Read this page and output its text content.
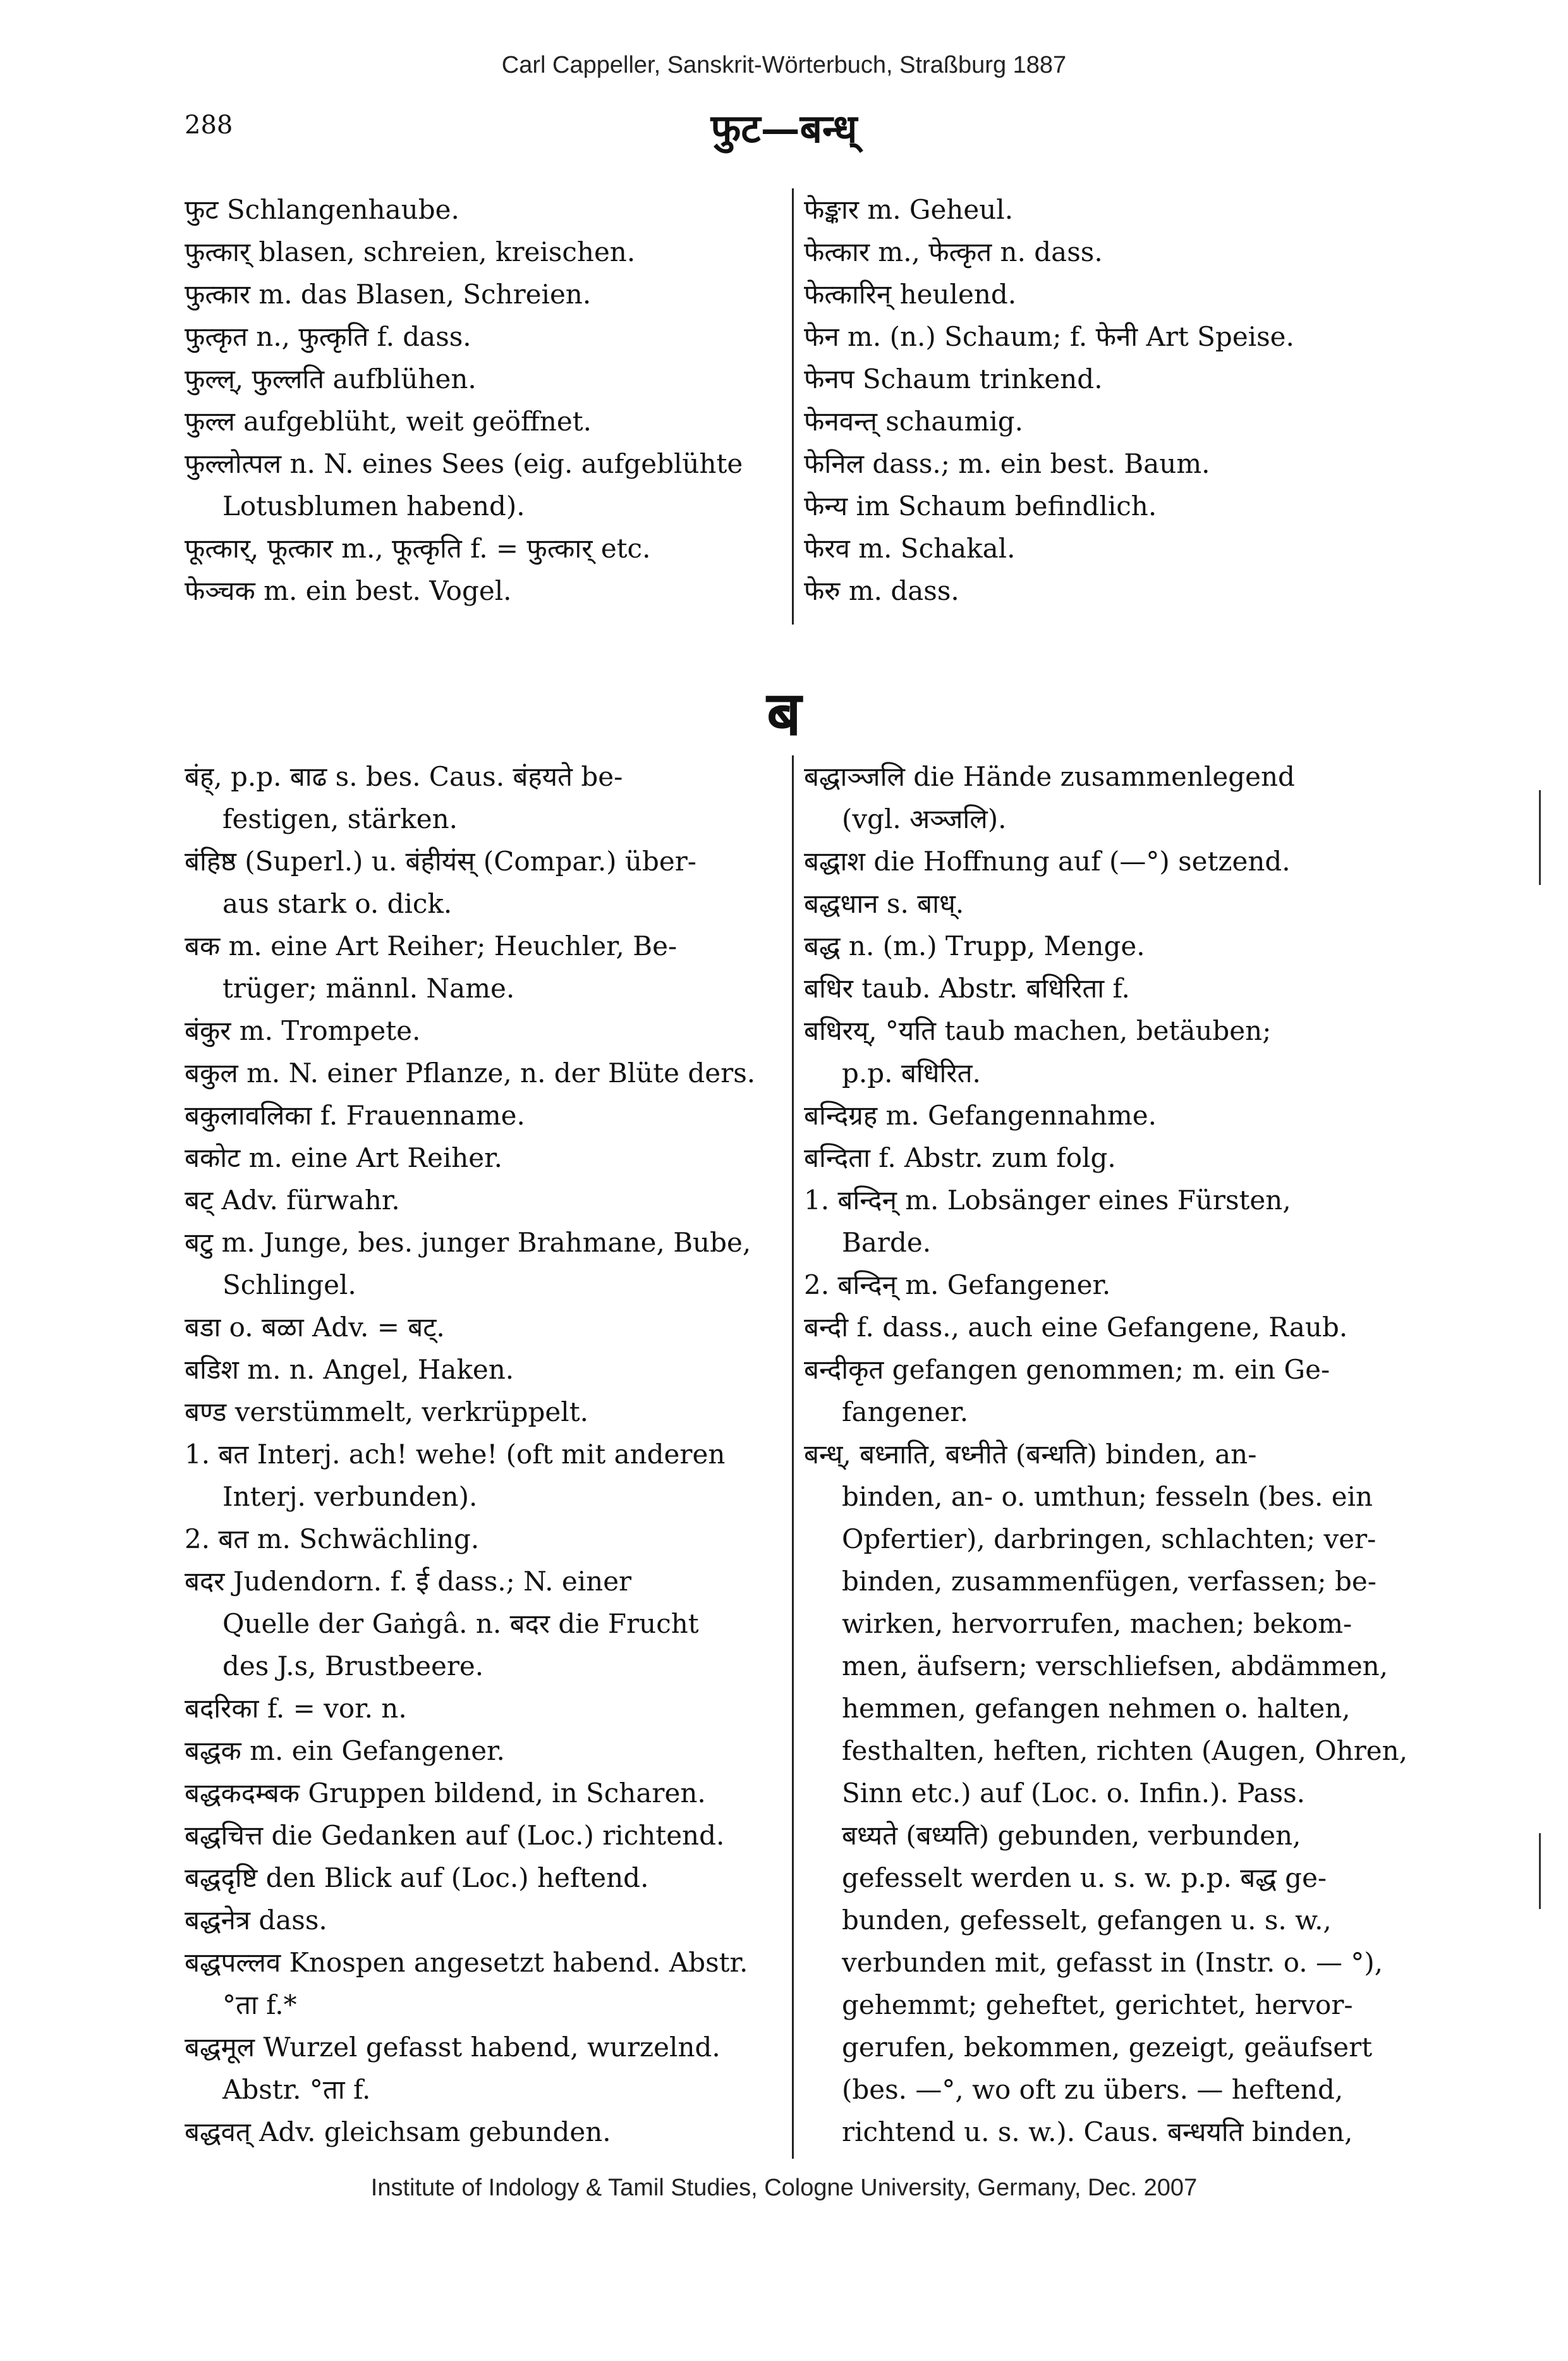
Carl Cappeller, Sanskrit-Wörterbuch, Straßburg 1887
288	फुट—बन्ध्
फुट Schlangenhaube.
फुत्कार् blasen, schreien, kreischen.
फुत्कार m. das Blasen, Schreien.
फुत्कृत n., फुत्कृति f. dass.
फुल्ल्, फुल्लति aufblühen.
फुल्ल aufgeblüht, weit geöffnet.
फुल्लोत्पल n. N. eines Sees (eig. aufgeblühte
Lotusblumen habend).
फूत्कार्, फूत्कार m., फूत्कृति f. = फुत्कार् etc.
फेञ्चक m. ein best. Vogel.
फेङ्कार m. Geheul.
फेत्कार m., फेत्कृत n. dass.
फेत्कारिन् heulend.
फेन m. (n.) Schaum; f. फेनी Art Speise.
फेनप Schaum trinkend.
फेनवन्त् schaumig.
फेनिल dass.; m. ein best. Baum.
फेन्य im Schaum befindlich.
फेरव m. Schakal.
फेरु m. dass.
ब
बंह्, p.p. बाढ s. bes. Caus. बंहयते be-
festigen, stärken.
बंहिष्ठ (Superl.) u. बंहीयंस् (Compar.) über-
aus stark o. dick.
बक m. eine Art Reiher; Heuchler, Be-
trüger; männl. Name.
बंकुर m. Trompete.
बकुल m. N. einer Pflanze, n. der Blüte ders.
बकुलावलिका f. Frauenname.
बकोट m. eine Art Reiher.
बट् Adv. fürwahr.
बटु m. Junge, bes. junger Brahmane, Bube,
Schlingel.
बडा o. बळा Adv. = बट्.
बडिश m. n. Angel, Haken.
बण्ड verstümmelt, verkrüppelt.
1. बत Interj. ach! wehe! (oft mit anderen
Interj. verbunden).
2. बत m. Schwächling.
बदर Judendorn. f. ई dass.; N. einer
Quelle der Gaṅgâ. n. बदर die Frucht
des J.s, Brustbeere.
बदरिका f. = vor. n.
बद्धक m. ein Gefangener.
बद्धकदम्बक Gruppen bildend, in Scharen.
बद्धचित्त die Gedanken auf (Loc.) richtend.
बद्धदृष्टि den Blick auf (Loc.) heftend.
बद्धनेत्र dass.
बद्धपल्लव Knospen angesetzt habend. Abstr.
°ता f.*
बद्धमूल Wurzel gefasst habend, wurzelnd.
Abstr. °ता f.
बद्धवत् Adv. gleichsam gebunden.
बद्धाञ्जलि die Hände zusammenlegend
(vgl. अञ्जलि).
बद्धाश die Hoffnung auf (—°) setzend.
बद्धधान s. बाध्.
बद्ध n. (m.) Trupp, Menge.
बधिर taub. Abstr. बधिरिता f.
बधिरय्, °यति taub machen, betäuben;
p.p. बधिरित.
बन्दिग्रह m. Gefangennahme.
बन्दिता f. Abstr. zum folg.
1. बन्दिन् m. Lobsänger eines Fürsten,
Barde.
2. बन्दिन् m. Gefangener.
बन्दी f. dass., auch eine Gefangene, Raub.
बन्दीकृत gefangen genommen; m. ein Ge-
fangener.
बन्ध्, बध्नाति, बध्नीते (बन्धति) binden, an-
binden, an- o. umthun; fesseln (bes. ein
Opfertier), darbringen, schlachten; ver-
binden, zusammenfügen, verfassen; be-
wirken, hervorrufen, machen; bekom-
men, äufsern; verschliefsen, abdämmen,
hemmen, gefangen nehmen o. halten,
festhalten, heften, richten (Augen, Ohren,
Sinn etc.) auf (Loc. o. Infin.). Pass.
बध्यते (बध्यति) gebunden, verbunden,
gefesselt werden u. s. w. p.p. बद्ध ge-
bunden, gefesselt, gefangen u. s. w.,
verbunden mit, gefasst in (Instr. o. — °),
gehemmt; geheftet, gerichtet, hervor-
gerufen, bekommen, gezeigt, geäufsert
(bes. —°, wo oft zu übers. — heftend,
richtend u. s. w.). Caus. बन्धयति binden,
Institute of Indology & Tamil Studies, Cologne University, Germany, Dec. 2007
